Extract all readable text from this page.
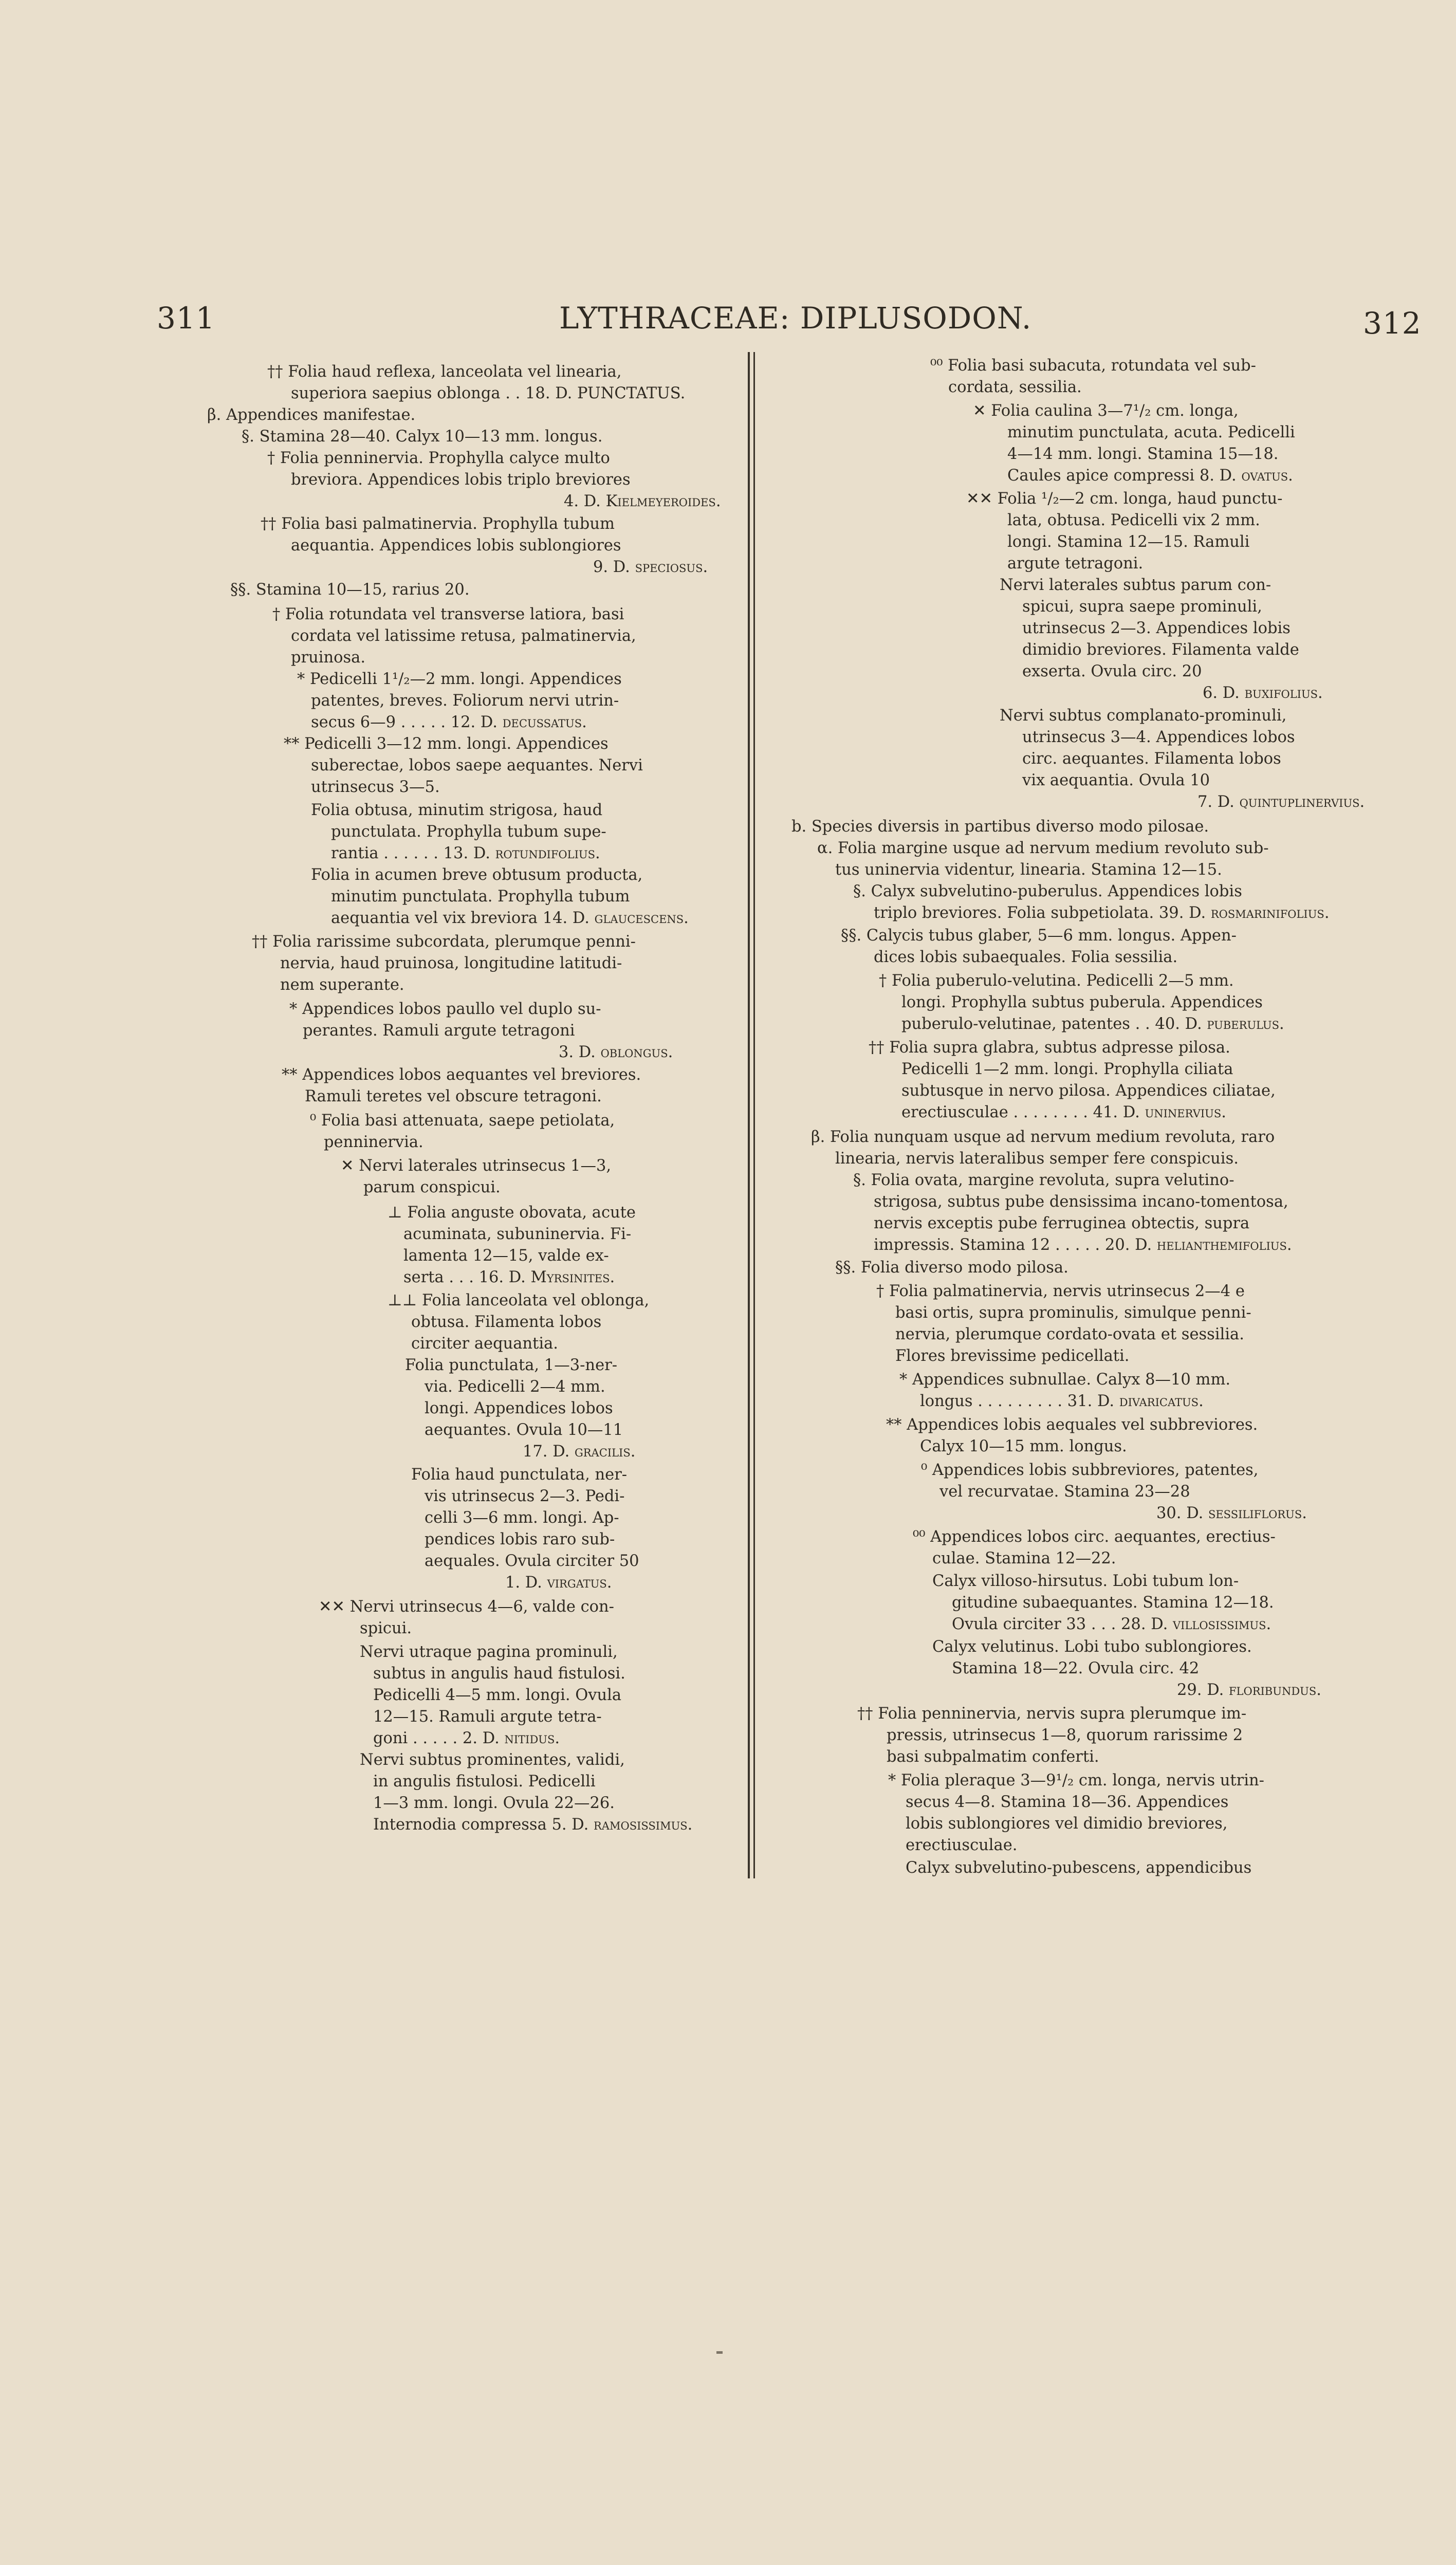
311	LYTHRACEAE: DIPLUSODON.	312
†† Folia haud reflexa, lanceolata vel linearia,
superiora saepius oblonga . . 18. D. PUNCTATUS.
β. Appendices manifestae.
§. Stamina 28—40. Calyx 10—13 mm. longus.
† Folia penninervia. Prophylla calyce multo
breviora. Appendices lobis triplo breviores
4. D. Kielmeyeroides.
†† Folia basi palmatinervia. Prophylla tubum
aequantia. Appendices lobis sublongiores
9. D. speciosus.
§§. Stamina 10—15, rarius 20.
† Folia rotundata vel transverse latiora, basi
cordata vel latissime retusa, palmatinervia,
pruinosa.
* Pedicelli 1¹/₂—2 mm. longi. Appendices
patentes, breves. Foliorum nervi utrin-
secus 6—9 . . . . . 12. D. decussatus.
** Pedicelli 3—12 mm. longi. Appendices
suberectae, lobos saepe aequantes. Nervi
utrinsecus 3—5.
Folia obtusa, minutim strigosa, haud
punctulata. Prophylla tubum supe-
rantia . . . . . . 13. D. rotundifolius.
Folia in acumen breve obtusum producta,
minutim punctulata. Prophylla tubum
aequantia vel vix breviora 14. D. glaucescens.
†† Folia rarissime subcordata, plerumque penni-
nervia, haud pruinosa, longitudine latitudi-
nem superante.
* Appendices lobos paullo vel duplo su-
perantes. Ramuli argute tetragoni
3. D. oblongus.
** Appendices lobos aequantes vel breviores.
Ramuli teretes vel obscure tetragoni.
⁰ Folia basi attenuata, saepe petiolata,
penninervia.
✕ Nervi laterales utrinsecus 1—3,
parum conspicui.
⊥ Folia anguste obovata, acute
acuminata, subuninervia. Fi-
lamenta 12—15, valde ex-
serta . . . 16. D. Myrsinites.
⊥⊥ Folia lanceolata vel oblonga,
obtusa. Filamenta lobos
circiter aequantia.
Folia punctulata, 1—3-ner-
via. Pedicelli 2—4 mm.
longi. Appendices lobos
aequantes. Ovula 10—11
17. D. gracilis.
Folia haud punctulata, ner-
vis utrinsecus 2—3. Pedi-
celli 3—6 mm. longi. Ap-
pendices lobis raro sub-
aequales. Ovula circiter 50
1. D. virgatus.
✕✕ Nervi utrinsecus 4—6, valde con-
spicui.
Nervi utraque pagina prominuli,
subtus in angulis haud fistulosi.
Pedicelli 4—5 mm. longi. Ovula
12—15. Ramuli argute tetra-
goni . . . . . 2. D. nitidus.
Nervi subtus prominentes, validi,
in angulis fistulosi. Pedicelli
1—3 mm. longi. Ovula 22—26.
Internodia compressa 5. D. ramosissimus.
⁰⁰ Folia basi subacuta, rotundata vel sub-
cordata, sessilia.
✕ Folia caulina 3—7¹/₂ cm. longa,
minutim punctulata, acuta. Pedicelli
4—14 mm. longi. Stamina 15—18.
Caules apice compressi 8. D. ovatus.
✕✕ Folia ¹/₂—2 cm. longa, haud punctu-
lata, obtusa. Pedicelli vix 2 mm.
longi. Stamina 12—15. Ramuli
argute tetragoni.
Nervi laterales subtus parum con-
spicui, supra saepe prominuli,
utrinsecus 2—3. Appendices lobis
dimidio breviores. Filamenta valde
exserta. Ovula circ. 20
6. D. buxifolius.
Nervi subtus complanato-prominuli,
utrinsecus 3—4. Appendices lobos
circ. aequantes. Filamenta lobos
vix aequantia. Ovula 10
7. D. quintuplinervius.
b. Species diversis in partibus diverso modo pilosae.
α. Folia margine usque ad nervum medium revoluto sub-
tus uninervia videntur, linearia. Stamina 12—15.
§. Calyx subvelutino-puberulus. Appendices lobis
triplo breviores. Folia subpetiolata. 39. D. rosmarinifolius.
§§. Calycis tubus glaber, 5—6 mm. longus. Appen-
dices lobis subaequales. Folia sessilia.
† Folia puberulo-velutina. Pedicelli 2—5 mm.
longi. Prophylla subtus puberula. Appendices
puberulo-velutinae, patentes . . 40. D. puberulus.
†† Folia supra glabra, subtus adpresse pilosa.
Pedicelli 1—2 mm. longi. Prophylla ciliata
subtusque in nervo pilosa. Appendices ciliatae,
erectiusculae . . . . . . . . 41. D. uninervius.
β. Folia nunquam usque ad nervum medium revoluta, raro
linearia, nervis lateralibus semper fere conspicuis.
§. Folia ovata, margine revoluta, supra velutino-
strigosa, subtus pube densissima incano-tomentosa,
nervis exceptis pube ferruginea obtectis, supra
impressis. Stamina 12 . . . . . 20. D. helianthemifolius.
§§. Folia diverso modo pilosa.
† Folia palmatinervia, nervis utrinsecus 2—4 e
basi ortis, supra prominulis, simulque penni-
nervia, plerumque cordato-ovata et sessilia.
Flores brevissime pedicellati.
* Appendices subnullae. Calyx 8—10 mm.
longus . . . . . . . . . 31. D. divaricatus.
** Appendices lobis aequales vel subbreviores.
Calyx 10—15 mm. longus.
⁰ Appendices lobis subbreviores, patentes,
vel recurvatae. Stamina 23—28
30. D. sessiliflorus.
⁰⁰ Appendices lobos circ. aequantes, erectius-
culae. Stamina 12—22.
Calyx villoso-hirsutus. Lobi tubum lon-
gitudine subaequantes. Stamina 12—18.
Ovula circiter 33 . . . 28. D. villosissimus.
Calyx velutinus. Lobi tubo sublongiores.
Stamina 18—22. Ovula circ. 42
29. D. floribundus.
†† Folia penninervia, nervis supra plerumque im-
pressis, utrinsecus 1—8, quorum rarissime 2
basi subpalmatim conferti.
* Folia pleraque 3—9¹/₂ cm. longa, nervis utrin-
secus 4—8. Stamina 18—36. Appendices
lobis sublongiores vel dimidio breviores,
erectiusculae.
Calyx subvelutino-pubescens, appendicibus
